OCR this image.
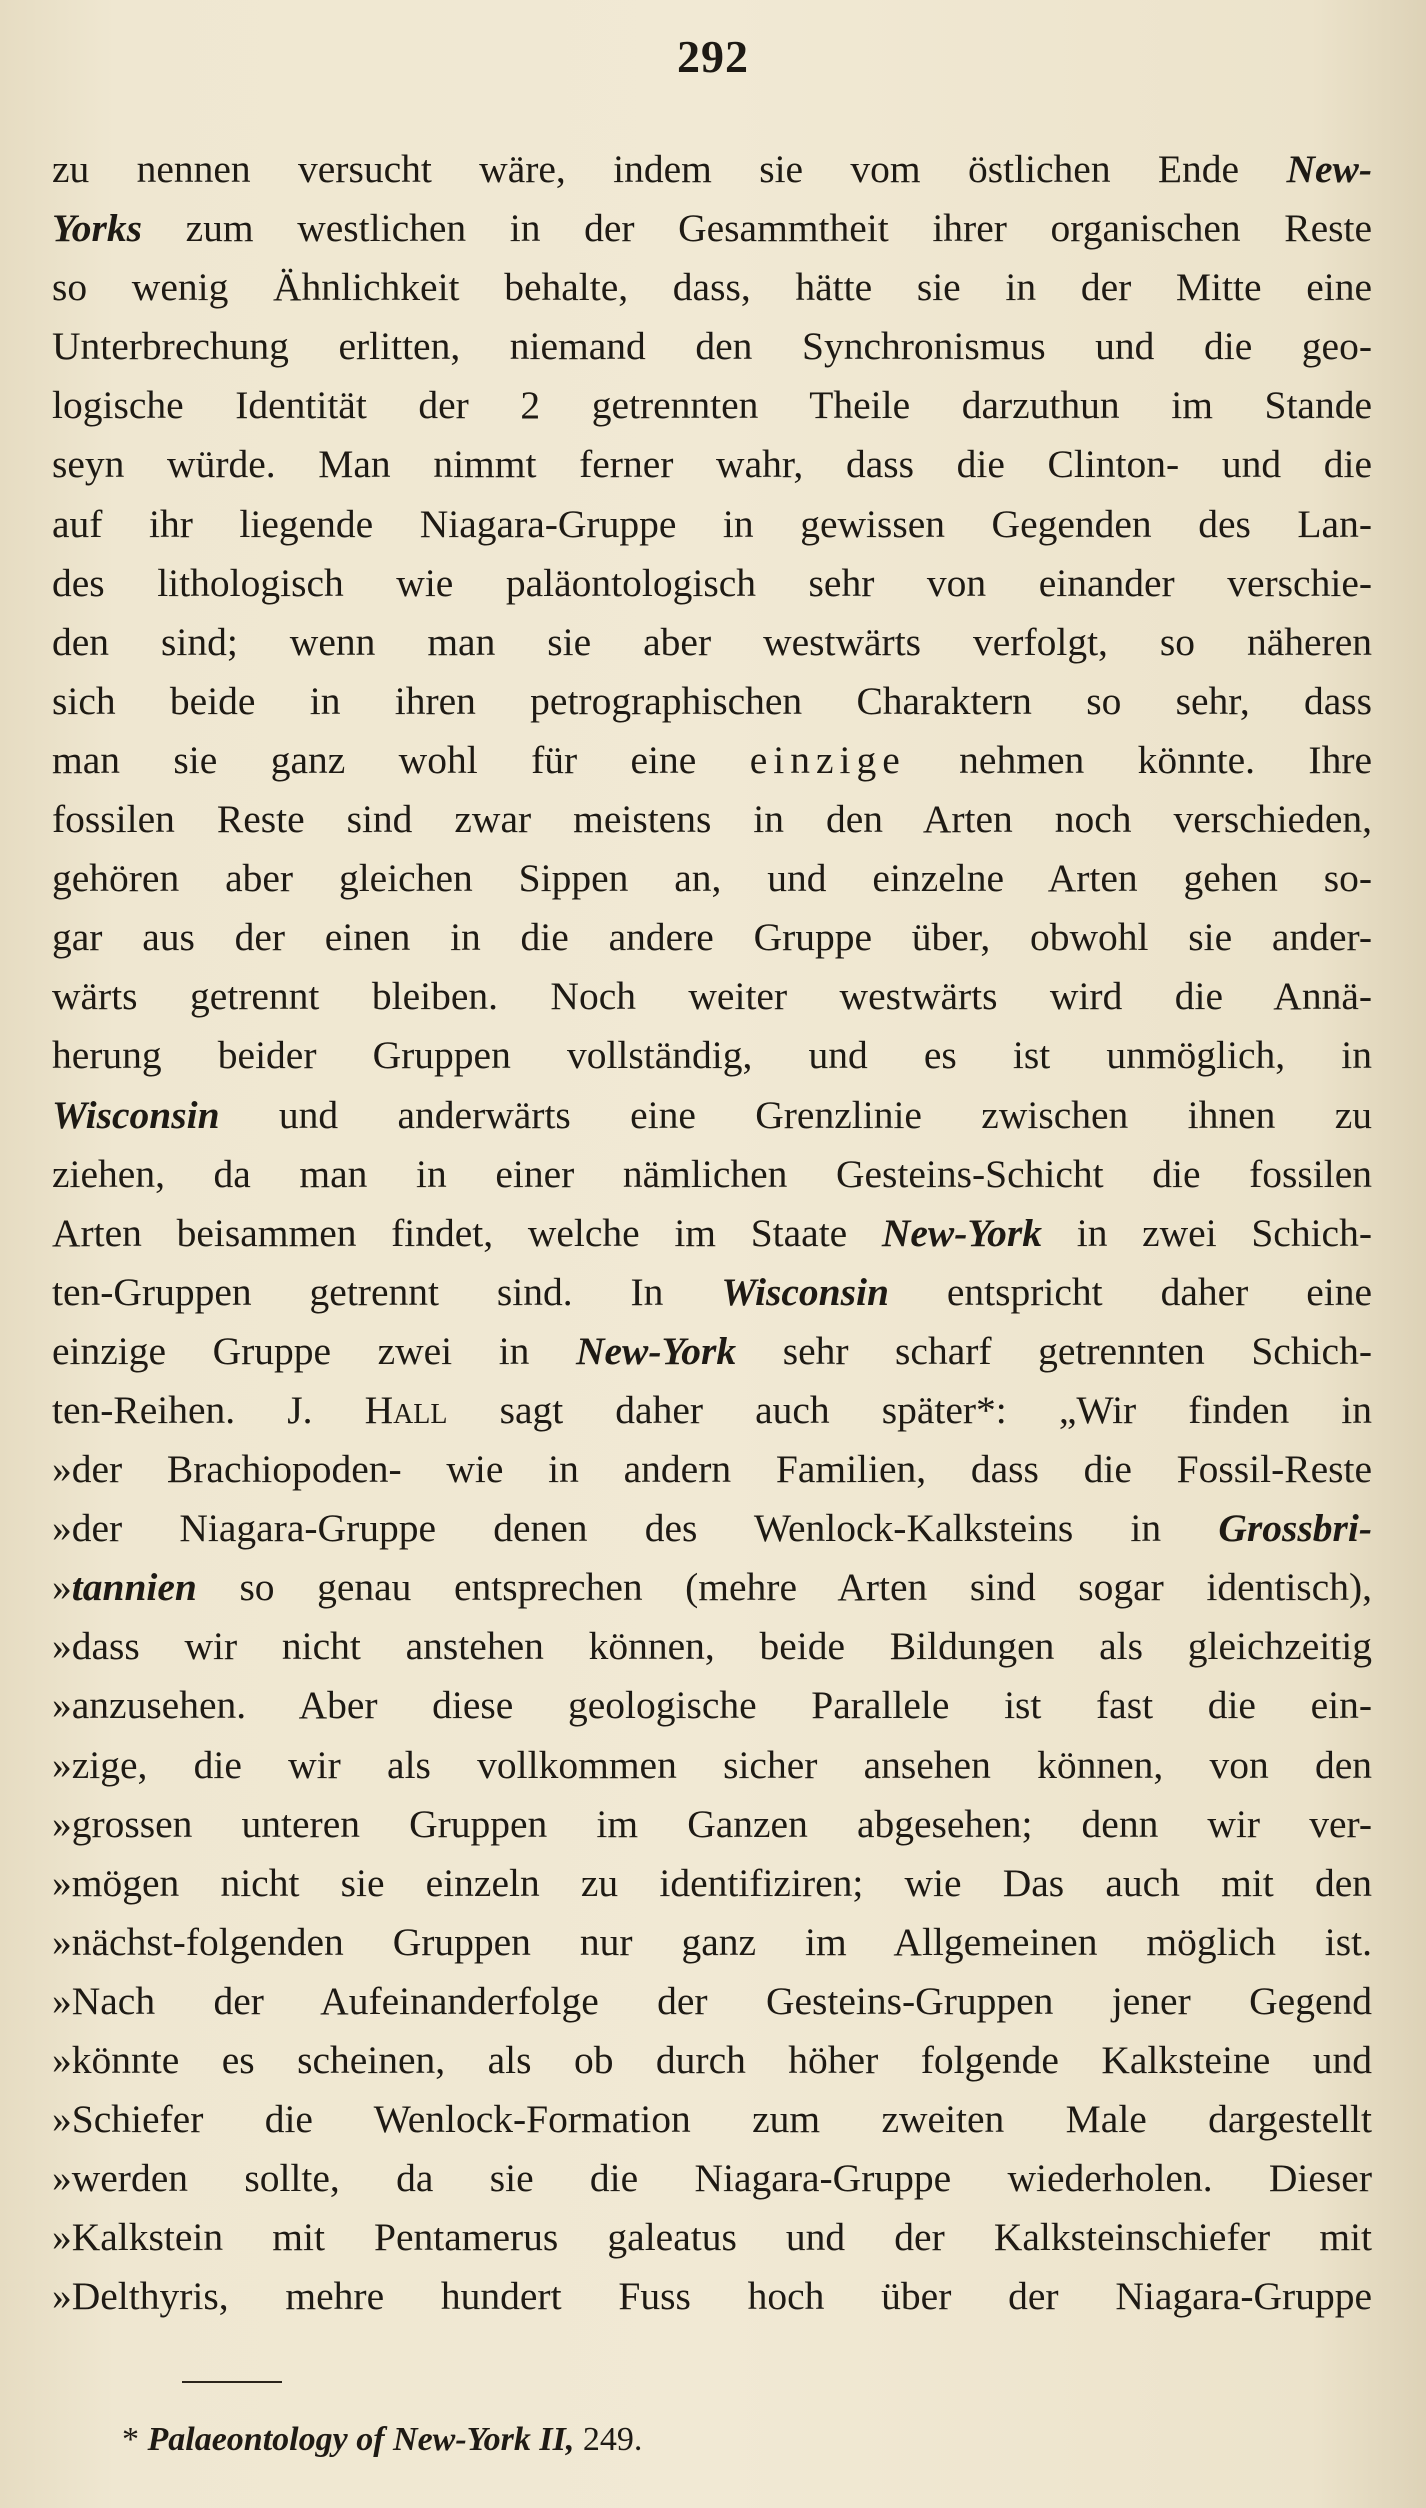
292
zu nennen versucht wäre, indem sie vom östlichen Ende New-
Yorks zum westlichen in der Gesammtheit ihrer organischen Reste
so wenig Ähnlichkeit behalte, dass, hätte sie in der Mitte eine
Unterbrechung erlitten, niemand den Synchronismus und die geo-
logische Identität der 2 getrennten Theile darzuthun im Stande
seyn würde. Man nimmt ferner wahr, dass die Clinton- und die
auf ihr liegende Niagara-Gruppe in gewissen Gegenden des Lan-
des lithologisch wie paläontologisch sehr von einander verschie-
den sind; wenn man sie aber westwärts verfolgt, so näheren
sich beide in ihren petrographischen Charaktern so sehr, dass
man sie ganz wohl für eine einzige nehmen könnte. Ihre
fossilen Reste sind zwar meistens in den Arten noch verschieden,
gehören aber gleichen Sippen an, und einzelne Arten gehen so-
gar aus der einen in die andere Gruppe über, obwohl sie ander-
wärts getrennt bleiben. Noch weiter westwärts wird die Annä-
herung beider Gruppen vollständig, und es ist unmöglich, in
Wisconsin und anderwärts eine Grenzlinie zwischen ihnen zu
ziehen, da man in einer nämlichen Gesteins-Schicht die fossilen
Arten beisammen findet, welche im Staate New-York in zwei Schich-
ten-Gruppen getrennt sind. In Wisconsin entspricht daher eine
einzige Gruppe zwei in New-York sehr scharf getrennten Schich-
ten-Reihen. J. Hall sagt daher auch später*: „Wir finden in
»der Brachiopoden- wie in andern Familien, dass die Fossil-Reste
»der Niagara-Gruppe denen des Wenlock-Kalksteins in Grossbri-
»tannien so genau entsprechen (mehre Arten sind sogar identisch),
»dass wir nicht anstehen können, beide Bildungen als gleichzeitig
»anzusehen. Aber diese geologische Parallele ist fast die ein-
»zige, die wir als vollkommen sicher ansehen können, von den
»grossen unteren Gruppen im Ganzen abgesehen; denn wir ver-
»mögen nicht sie einzeln zu identifiziren; wie Das auch mit den
»nächst-folgenden Gruppen nur ganz im Allgemeinen möglich ist.
»Nach der Aufeinanderfolge der Gesteins-Gruppen jener Gegend
»könnte es scheinen, als ob durch höher folgende Kalksteine und
»Schiefer die Wenlock-Formation zum zweiten Male dargestellt
»werden sollte, da sie die Niagara-Gruppe wiederholen. Dieser
»Kalkstein mit Pentamerus galeatus und der Kalksteinschiefer mit
»Delthyris, mehre hundert Fuss hoch über der Niagara-Gruppe
* Palaeontology of New-York II, 249.
